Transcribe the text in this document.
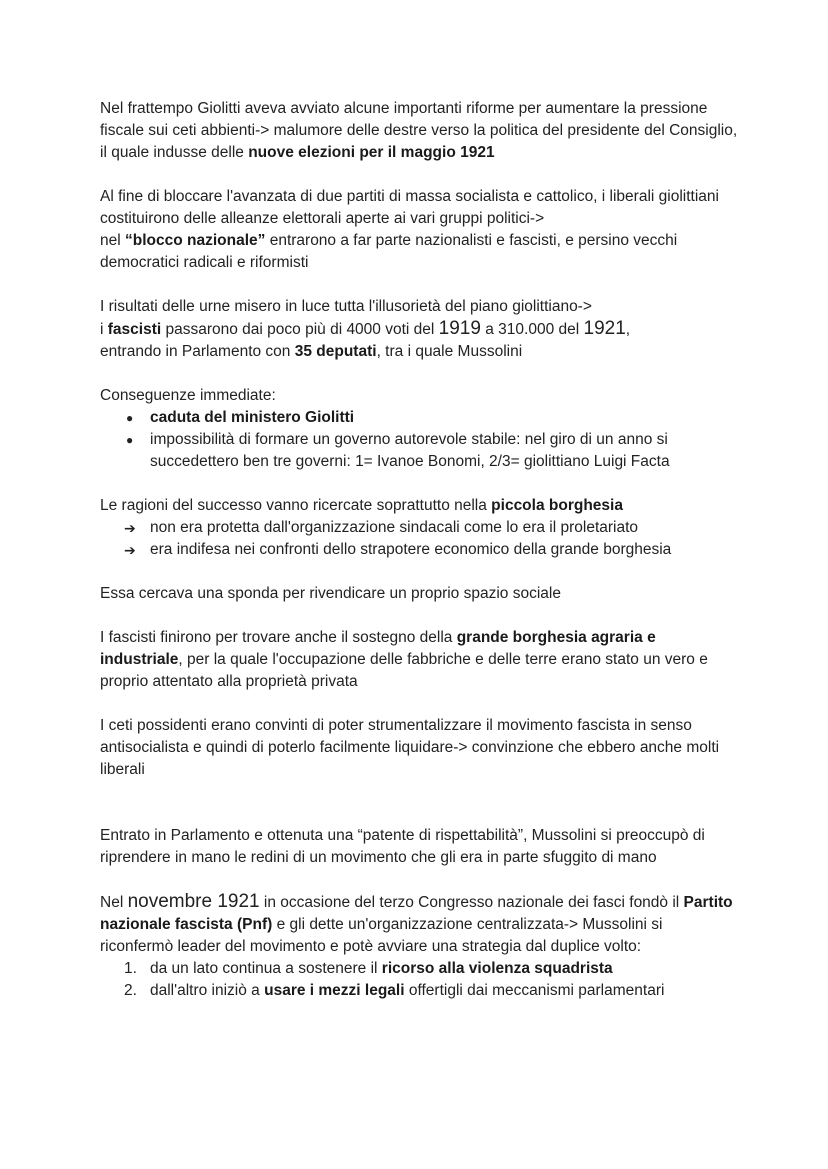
Nel frattempo Giolitti aveva avviato alcune importanti riforme per aumentare la pressione fiscale sui ceti abbienti-> malumore delle destre verso la politica del presidente del Consiglio, il quale indusse delle nuove elezioni per il maggio 1921

Al fine di bloccare l'avanzata di due partiti di massa socialista e cattolico, i liberali giolittiani costituirono delle alleanze elettorali aperte ai vari gruppi politici->
nel “blocco nazionale” entrarono a far parte nazionalisti e fascisti, e persino vecchi democratici radicali e riformisti

I risultati delle urne misero in luce tutta l'illusorietà del piano giolittiano->
i fascisti passarono dai poco più di 4000 voti del 1919 a 310.000 del 1921,
entrando in Parlamento con 35 deputati, tra i quale Mussolini

Conseguenze immediate:

● caduta del ministero Giolitti
● impossibilità di formare un governo autorevole stabile: nel giro di un anno si succedettero ben tre governi: 1= Ivanoe Bonomi, 2/3= giolittiano Luigi Facta

Le ragioni del successo vanno ricercate soprattutto nella piccola borghesia

➔ non era protetta dall'organizzazione sindacali come lo era il proletariato
➔ era indifesa nei confronti dello strapotere economico della grande borghesia

Essa cercava una sponda per rivendicare un proprio spazio sociale

I fascisti finirono per trovare anche il sostegno della grande borghesia agraria e industriale, per la quale l'occupazione delle fabbriche e delle terre erano stato un vero e proprio attentato alla proprietà privata

I ceti possidenti erano convinti di poter strumentalizzare il movimento fascista in senso antisocialista e quindi di poterlo facilmente liquidare-> convinzione che ebbero anche molti liberali

Entrato in Parlamento e ottenuta una “patente di rispettabilità”, Mussolini si preoccupò di riprendere in mano le redini di un movimento che gli era in parte sfuggito di mano

Nel novembre 1921 in occasione del terzo Congresso nazionale dei fasci fondò il Partito nazionale fascista (Pnf) e gli dette un'organizzazione centralizzata-> Mussolini si riconfermò leader del movimento e potè avviare una strategia dal duplice volto:

1. da un lato continua a sostenere il ricorso alla violenza squadrista
2. dall'altro iniziò a usare i mezzi legali offertigli dai meccanismi parlamentari
